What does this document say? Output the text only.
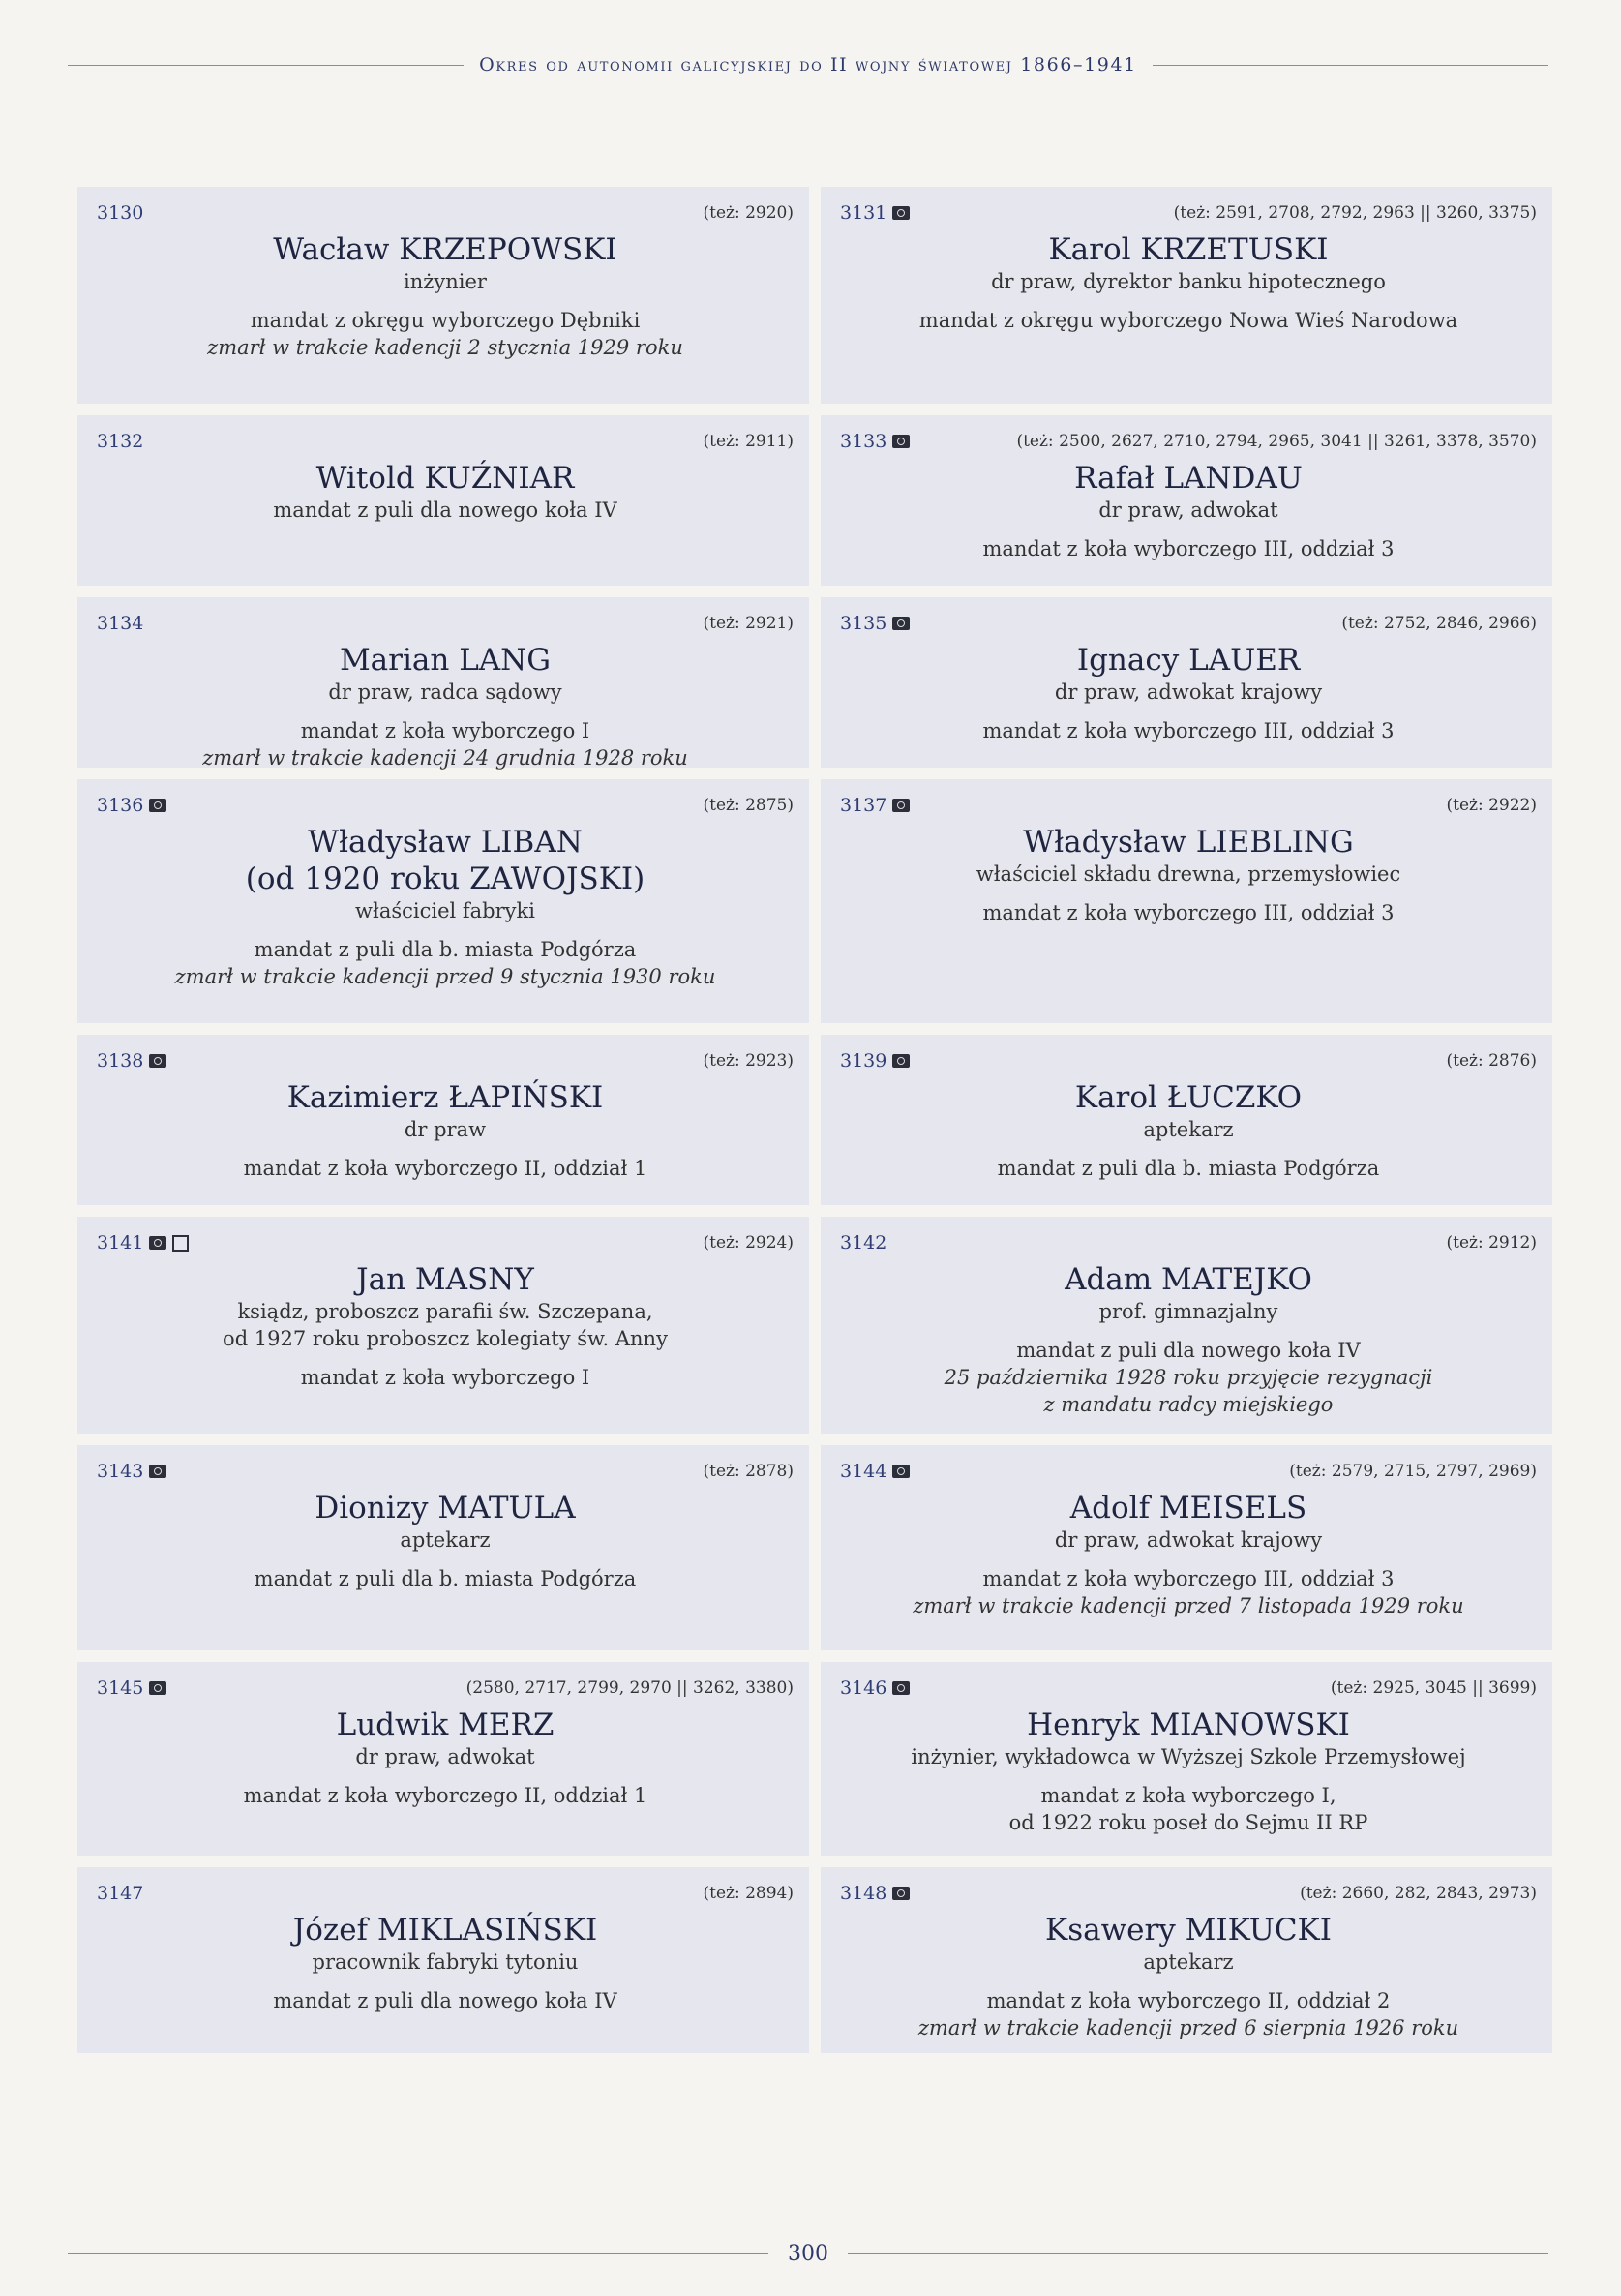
Okres od autonomii galicyjskiej do II wojny światowej 1866–1941
3130	(też: 2920)
Wacław KRZEPOWSKI
inżynier
mandat z okręgu wyborczego Dębniki
zmarł w trakcie kadencji 2 stycznia 1929 roku
3131	(też: 2591, 2708, 2792, 2963 || 3260, 3375)
Karol KRZETUSKI
dr praw, dyrektor banku hipotecznego
mandat z okręgu wyborczego Nowa Wieś Narodowa
3132	(też: 2911)
Witold KUŹNIAR
mandat z puli dla nowego koła IV
3133	(też: 2500, 2627, 2710, 2794, 2965, 3041 || 3261, 3378, 3570)
Rafał LANDAU
dr praw, adwokat
mandat z koła wyborczego III, oddział 3
3134	(też: 2921)
Marian LANG
dr praw, radca sądowy
mandat z koła wyborczego I
zmarł w trakcie kadencji 24 grudnia 1928 roku
3135	(też: 2752, 2846, 2966)
Ignacy LAUER
dr praw, adwokat krajowy
mandat z koła wyborczego III, oddział 3
3136	(też: 2875)
Władysław LIBAN
(od 1920 roku ZAWOJSKI)
właściciel fabryki
mandat z puli dla b. miasta Podgórza
zmarł w trakcie kadencji przed 9 stycznia 1930 roku
3137	(też: 2922)
Władysław LIEBLING
właściciel składu drewna, przemysłowiec
mandat z koła wyborczego III, oddział 3
3138	(też: 2923)
Kazimierz ŁAPIŃSKI
dr praw
mandat z koła wyborczego II, oddział 1
3139	(też: 2876)
Karol ŁUCZKO
aptekarz
mandat z puli dla b. miasta Podgórza
3141	(też: 2924)
Jan MASNY
ksiądz, proboszcz parafii św. Szczepana,
od 1927 roku proboszcz kolegiaty św. Anny
mandat z koła wyborczego I
3142	(też: 2912)
Adam MATEJKO
prof. gimnazjalny
mandat z puli dla nowego koła IV
25 października 1928 roku przyjęcie rezygnacji
z mandatu radcy miejskiego
3143	(też: 2878)
Dionizy MATULA
aptekarz
mandat z puli dla b. miasta Podgórza
3144	(też: 2579, 2715, 2797, 2969)
Adolf MEISELS
dr praw, adwokat krajowy
mandat z koła wyborczego III, oddział 3
zmarł w trakcie kadencji przed 7 listopada 1929 roku
3145	(2580, 2717, 2799, 2970 || 3262, 3380)
Ludwik MERZ
dr praw, adwokat
mandat z koła wyborczego II, oddział 1
3146	(też: 2925, 3045 || 3699)
Henryk MIANOWSKI
inżynier, wykładowca w Wyższej Szkole Przemysłowej
mandat z koła wyborczego I,
od 1922 roku poseł do Sejmu II RP
3147	(też: 2894)
Józef MIKLASIŃSKI
pracownik fabryki tytoniu
mandat z puli dla nowego koła IV
3148	(też: 2660, 282, 2843, 2973)
Ksawery MIKUCKI
aptekarz
mandat z koła wyborczego II, oddział 2
zmarł w trakcie kadencji przed 6 sierpnia 1926 roku
300
